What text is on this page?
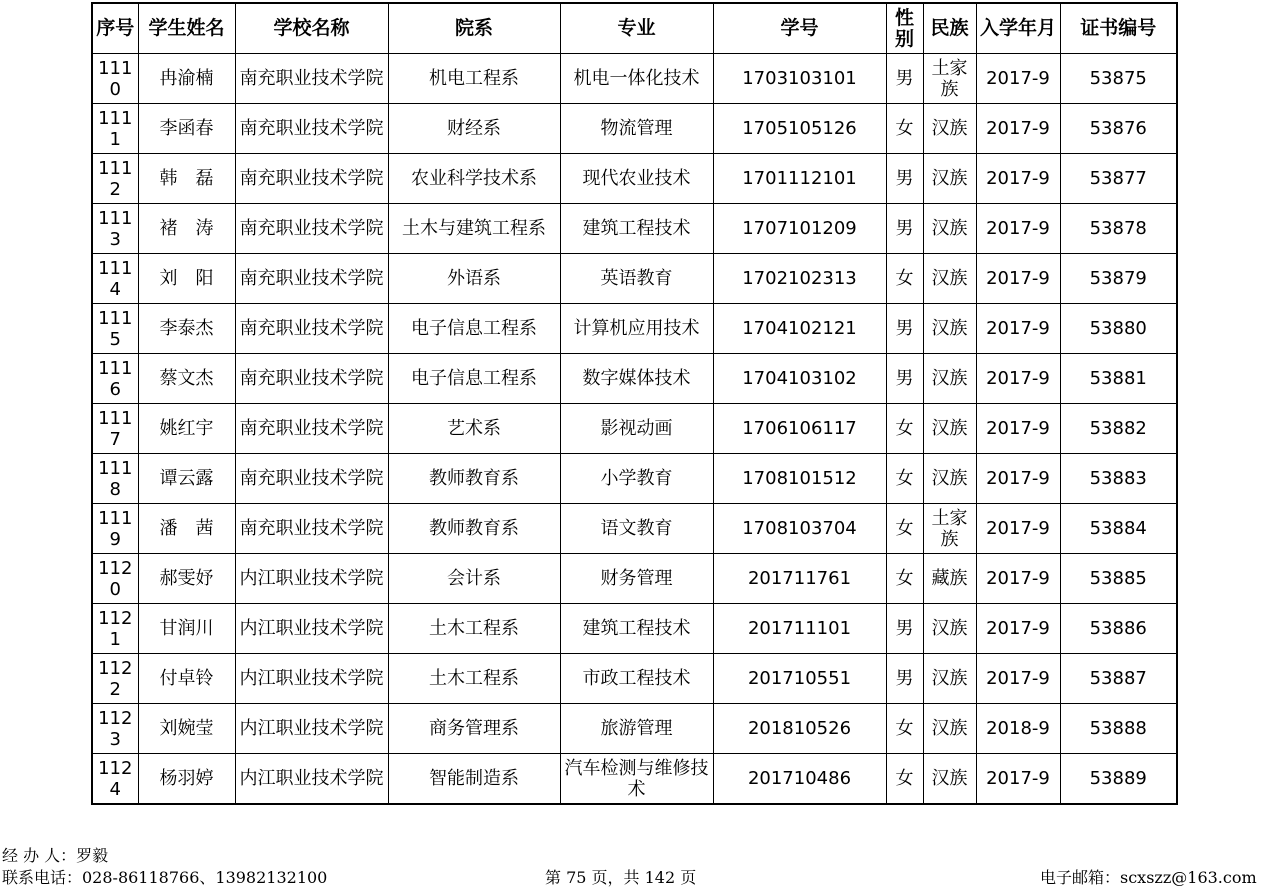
序号	学生姓名	学校名称	院系	专业	学号	性别	民族	入学年月	证书编号
1110	冉渝楠	南充职业技术学院	机电工程系	机电一体化技术	1703103101	男	土家族	2017-9	53875
1111	李函春	南充职业技术学院	财经系	物流管理	1705105126	女	汉族	2017-9	53876
1112	韩　磊	南充职业技术学院	农业科学技术系	现代农业技术	1701112101	男	汉族	2017-9	53877
1113	褚　涛	南充职业技术学院	土木与建筑工程系	建筑工程技术	1707101209	男	汉族	2017-9	53878
1114	刘　阳	南充职业技术学院	外语系	英语教育	1702102313	女	汉族	2017-9	53879
1115	李泰杰	南充职业技术学院	电子信息工程系	计算机应用技术	1704102121	男	汉族	2017-9	53880
1116	蔡文杰	南充职业技术学院	电子信息工程系	数字媒体技术	1704103102	男	汉族	2017-9	53881
1117	姚红宇	南充职业技术学院	艺术系	影视动画	1706106117	女	汉族	2017-9	53882
1118	谭云露	南充职业技术学院	教师教育系	小学教育	1708101512	女	汉族	2017-9	53883
1119	潘　茜	南充职业技术学院	教师教育系	语文教育	1708103704	女	土家族	2017-9	53884
1120	郝雯妤	内江职业技术学院	会计系	财务管理	201711761	女	藏族	2017-9	53885
1121	甘润川	内江职业技术学院	土木工程系	建筑工程技术	201711101	男	汉族	2017-9	53886
1122	付卓铃	内江职业技术学院	土木工程系	市政工程技术	201710551	男	汉族	2017-9	53887
1123	刘婉莹	内江职业技术学院	商务管理系	旅游管理	201810526	女	汉族	2018-9	53888
1124	杨羽婷	内江职业技术学院	智能制造系	汽车检测与维修技术	201710486	女	汉族	2017-9	53889
经 办 人：罗毅
联系电话：028-86118766、13982132100	第 75 页，共 142 页	电子邮箱：scxszz@163.com
